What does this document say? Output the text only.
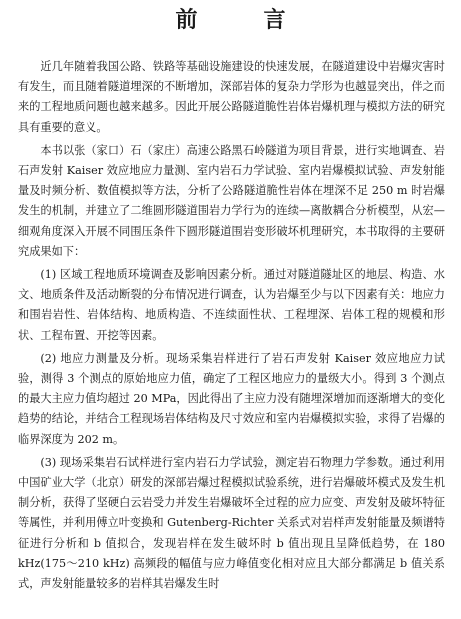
前　言

近几年随着我国公路、铁路等基础设施建设的快速发展，在隧道建设中岩爆灾害时有发生，而且随着隧道埋深的不断增加，深部岩体的复杂力学形为也越显突出，伴之而来的工程地质问题也越来越多。因此开展公路隧道脆性岩体岩爆机理与模拟方法的研究具有重要的意义。

本书以张（家口）石（家庄）高速公路黑石岭隧道为项目背景，进行实地调查、岩石声发射 Kaiser 效应地应力量测、室内岩石力学试验、室内岩爆模拟试验、声发射能量及时频分析、数值模拟等方法，分析了公路隧道脆性岩体在埋深不足 250 m 时岩爆发生的机制，并建立了二维圆形隧道围岩力学行为的连续—离散耦合分析模型，从宏—细观角度深入开展不同围压条件下圆形隧道围岩变形破坏机理研究，本书取得的主要研究成果如下：

(1) 区域工程地质环境调查及影响因素分析。通过对隧道隧址区的地层、构造、水文、地质条件及活动断裂的分布情况进行调查，认为岩爆至少与以下因素有关：地应力和围岩岩性、岩体结构、地质构造、不连续面性状、工程埋深、岩体工程的规模和形状、工程布置、开挖等因素。

(2) 地应力测量及分析。现场采集岩样进行了岩石声发射 Kaiser 效应地应力试验，测得 3 个测点的原始地应力值，确定了工程区地应力的量级大小。得到 3 个测点的最大主应力值均超过 20 MPa，因此得出了主应力没有随埋深增加而逐渐增大的变化趋势的结论，并结合工程现场岩体结构及尺寸效应和室内岩爆模拟实验，求得了岩爆的临界深度为 202 m。

(3) 现场采集岩石试样进行室内岩石力学试验，测定岩石物理力学参数。通过利用中国矿业大学（北京）研发的深部岩爆过程模拟试验系统，进行岩爆破坏模式及发生机制分析，获得了坚硬白云岩受力并发生岩爆破坏全过程的应力应变、声发射及破坏特征等属性，并利用傅立叶变换和 Gutenberg-Richter 关系式对岩样声发射能量及频谱特征进行分析和 b 值拟合，发现岩样在发生破坏时 b 值出现且呈降低趋势，在 180 kHz(175～210 kHz) 高频段的幅值与应力峰值变化相对应且大部分都满足 b 值关系式，声发射能量较多的岩样其岩爆发生时
